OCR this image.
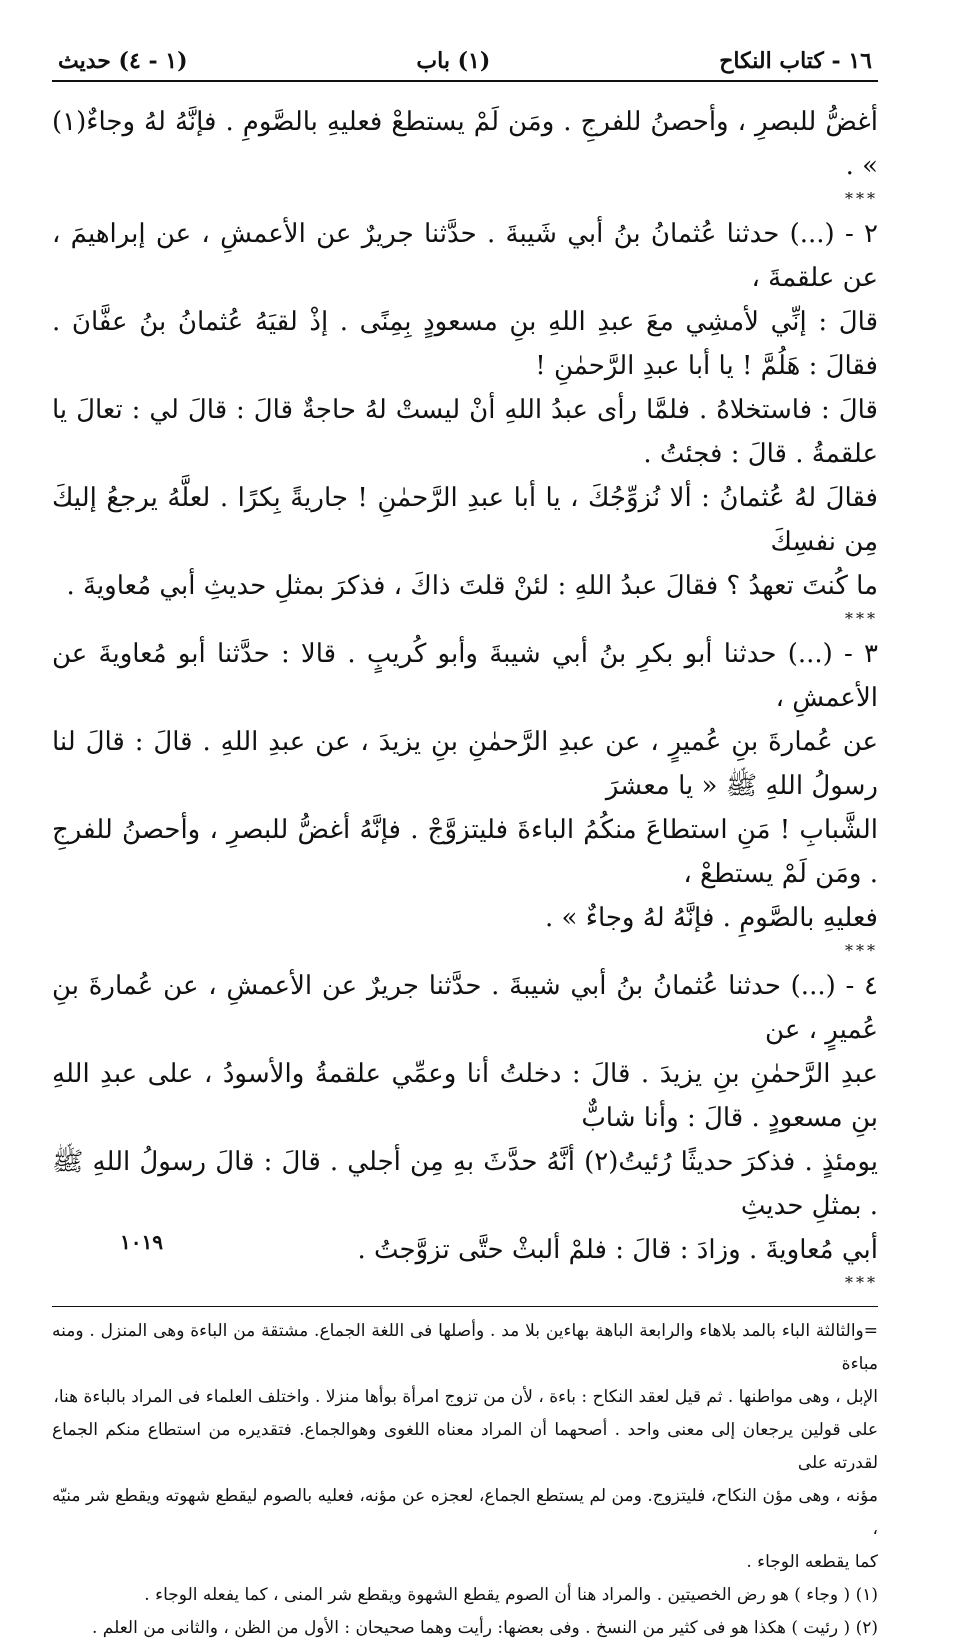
١٦ - كتاب النكاح
(١) باب
(١ - ٤) حديث

أغضُّ للبصرِ ، وأحصنُ للفرجِ . ومَن لَمْ يستطعْ فعليهِ بالصَّومِ . فإنَّهُ لهُ وجاءٌ(١) » .

***

٢ - (...) حدثنا عُثمانُ بنُ أبي شَيبةَ . حدَّثنا جريرٌ عن الأعمشِ ، عن إبراهيمَ ، عن علقمةَ ،

قالَ : إنِّي لأمشِي معَ عبدِ اللهِ بنِ مسعودٍ بِمِنًى . إذْ لقيَهُ عُثمانُ بنُ عفَّانَ . فقالَ : هَلُمَّ ! يا أبا عبدِ الرَّحمٰنِ !

قالَ : فاستخلاهُ . فلمَّا رأى عبدُ اللهِ أنْ ليستْ لهُ حاجةٌ قالَ : قالَ لي : تعالَ يا علقمةُ . قالَ : فجئتُ .

فقالَ لهُ عُثمانُ : ألا نُزوِّجُكَ ، يا أبا عبدِ الرَّحمٰنِ ! جاريةً بِكرًا . لعلَّهُ يرجعُ إليكَ مِن نفسِكَ

ما كُنتَ تعهدُ ؟ فقالَ عبدُ اللهِ : لئنْ قلتَ ذاكَ ، فذكرَ بمثلِ حديثِ أبي مُعاويةَ .

***

٣ - (...) حدثنا أبو بكرِ بنُ أبي شيبةَ وأبو كُريبٍ . قالا : حدَّثنا أبو مُعاويةَ عن الأعمشِ ،

عن عُمارةَ بنِ عُميرٍ ، عن عبدِ الرَّحمٰنِ بنِ يزيدَ ، عن عبدِ اللهِ . قالَ : قالَ لنا رسولُ اللهِ ﷺ « يا معشرَ

الشَّبابِ ! مَنِ استطاعَ منكُمُ الباءةَ فليتزوَّجْ . فإنَّهُ أغضُّ للبصرِ ، وأحصنُ للفرجِ . ومَن لَمْ يستطعْ ،

فعليهِ بالصَّومِ . فإنَّهُ لهُ وجاءٌ » .

***

٤ - (...) حدثنا عُثمانُ بنُ أبي شيبةَ . حدَّثنا جريرٌ عن الأعمشِ ، عن عُمارةَ بنِ عُميرٍ ، عن

عبدِ الرَّحمٰنِ بنِ يزيدَ . قالَ : دخلتُ أنا وعمِّي علقمةُ والأسودُ ، على عبدِ اللهِ بنِ مسعودٍ . قالَ : وأنا شابٌّ

يومئذٍ . فذكرَ حديثًا رُئيتُ(٢) أنَّهُ حدَّثَ بهِ مِن أجلي . قالَ : قالَ رسولُ اللهِ ﷺ . بمثلِ حديثِ

أبي مُعاويةَ . وزادَ : قالَ : فلمْ ألبثْ حتَّى تزوَّجتُ .

***

=والثالثة الباء بالمد بلاهاء والرابعة الباهة بهاءين بلا مد . وأصلها فى اللغة الجماع. مشتقة من الباءة وهى المنزل . ومنه مباءة

الإبل ، وهى مواطنها . ثم قيل لعقد النكاح : باءة ، لأن من تزوج امرأة بوأها منزلا . واختلف العلماء فى المراد بالباءة هنا،

على قولين يرجعان إلى معنى واحد . أصحهما أن المراد معناه اللغوى وهوالجماع. فتقديره من استطاع منكم الجماع لقدرته على

مؤنه ، وهى مؤن النكاح، فليتزوج. ومن لم يستطع الجماع، لعجزه عن مؤنه، فعليه بالصوم ليقطع شهوته ويقطع شر منيّه ،

كما يقطعه الوجاء .

(١) ( وجاء ) هو رض الخصيتين . والمراد هنا أن الصوم يقطع الشهوة ويقطع شر المنى ، كما يفعله الوجاء .

(٢) ( رئيت ) هكذا هو فى كثير من النسخ . وفى بعضها: رأيت وهما صحيحان : الأول من الظن ، والثانى من العلم .

١٠١٩
